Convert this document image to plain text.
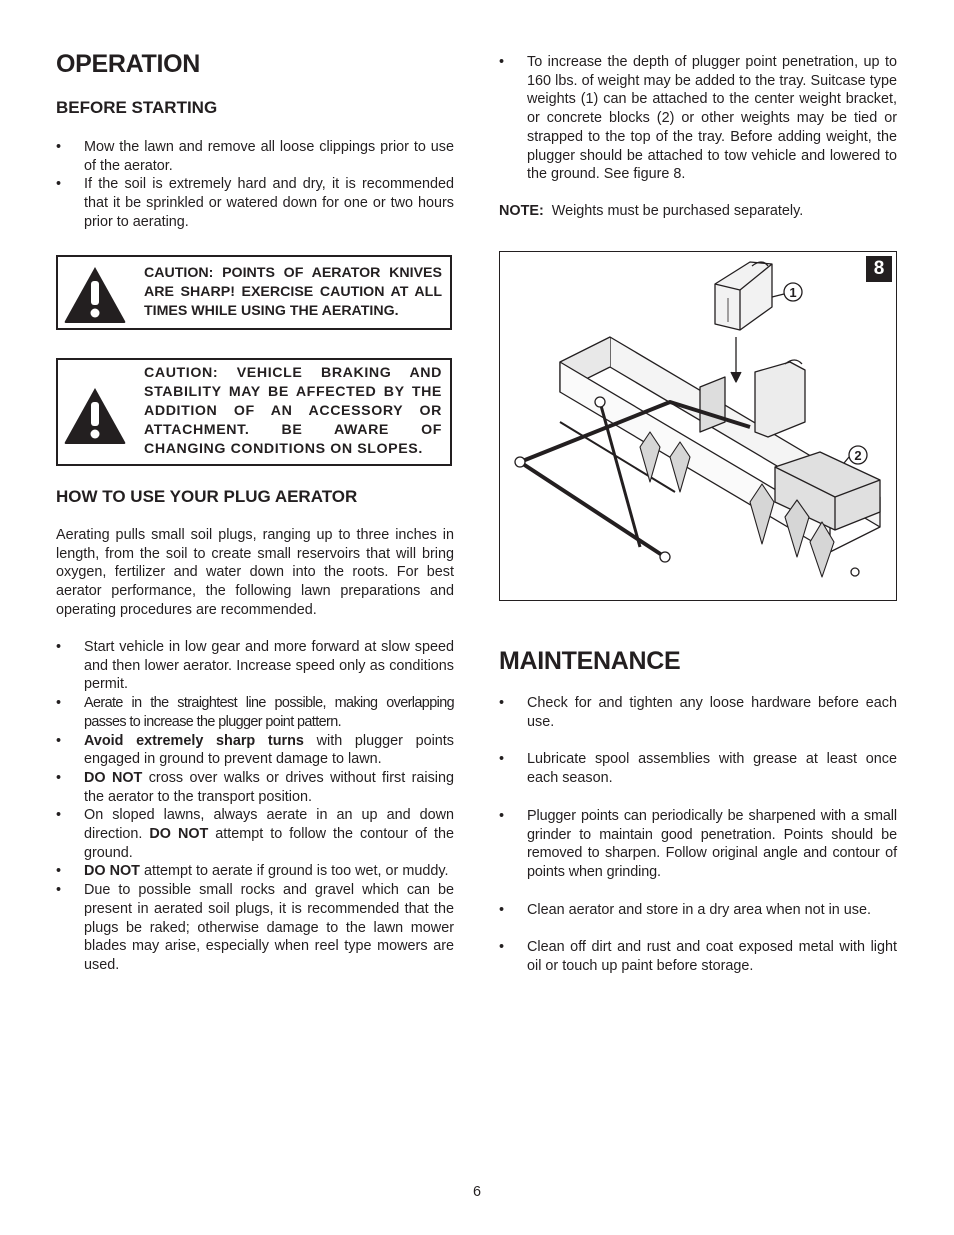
OPERATION
BEFORE STARTING
• Mow the lawn and remove all loose clippings prior to use of the aerator.
• If the soil is extremely hard and dry, it is recommended that it be sprinkled or watered down for one or two hours prior to aerating.
CAUTION: POINTS OF AERATOR KNIVES ARE SHARP! EXERCISE CAUTION AT ALL TIMES WHILE USING THE AERATING.
CAUTION: VEHICLE BRAKING AND STABILITY MAY BE AFFECTED BY THE ADDITION OF AN ACCESSORY OR ATTACHMENT. BE AWARE OF CHANGING CONDITIONS ON SLOPES.
HOW TO USE YOUR PLUG AERATOR
Aerating pulls small soil plugs, ranging up to three inches in length, from the soil to create small reservoirs that will bring oxygen, fertilizer and water down into the roots. For best aerator performance, the following lawn preparations and operating procedures are recommended.
• Start vehicle in low gear and more forward at slow speed and then lower aerator. Increase speed only as conditions permit.
• Aerate in the straightest line possible, making overlapping passes to increase the plugger point pattern.
• Avoid extremely sharp turns with plugger points engaged in ground to prevent damage to lawn.
• DO NOT cross over walks or drives without first raising the aerator to the transport position.
• On sloped lawns, always aerate in an up and down direction. DO NOT attempt to follow the contour of the ground.
• DO NOT attempt to aerate if ground is too wet, or muddy.
• Due to possible small rocks and gravel which can be present in aerated soil plugs, it is recommended that the plugs be raked; otherwise damage to the lawn mower blades may arise, especially when reel type mowers are used.
• To increase the depth of plugger point penetration, up to 160 lbs. of weight may be added to the tray. Suitcase type weights (1) can be attached to the center weight bracket, or concrete blocks (2) or other weights may be tied or strapped to the top of the tray. Before adding weight, the plugger should be attached to tow vehicle and lowered to the ground. See figure 8.
NOTE: Weights must be purchased separately.
8
1
2
MAINTENANCE
• Check for and tighten any loose hardware before each use.
• Lubricate spool assemblies with grease at least once each season.
• Plugger points can periodically be sharpened with a small grinder to maintain good penetration. Points should be removed to sharpen. Follow original angle and contour of points when grinding.
• Clean aerator and store in a dry area when not in use.
• Clean off dirt and rust and coat exposed metal with light oil or touch up paint before storage.
6
